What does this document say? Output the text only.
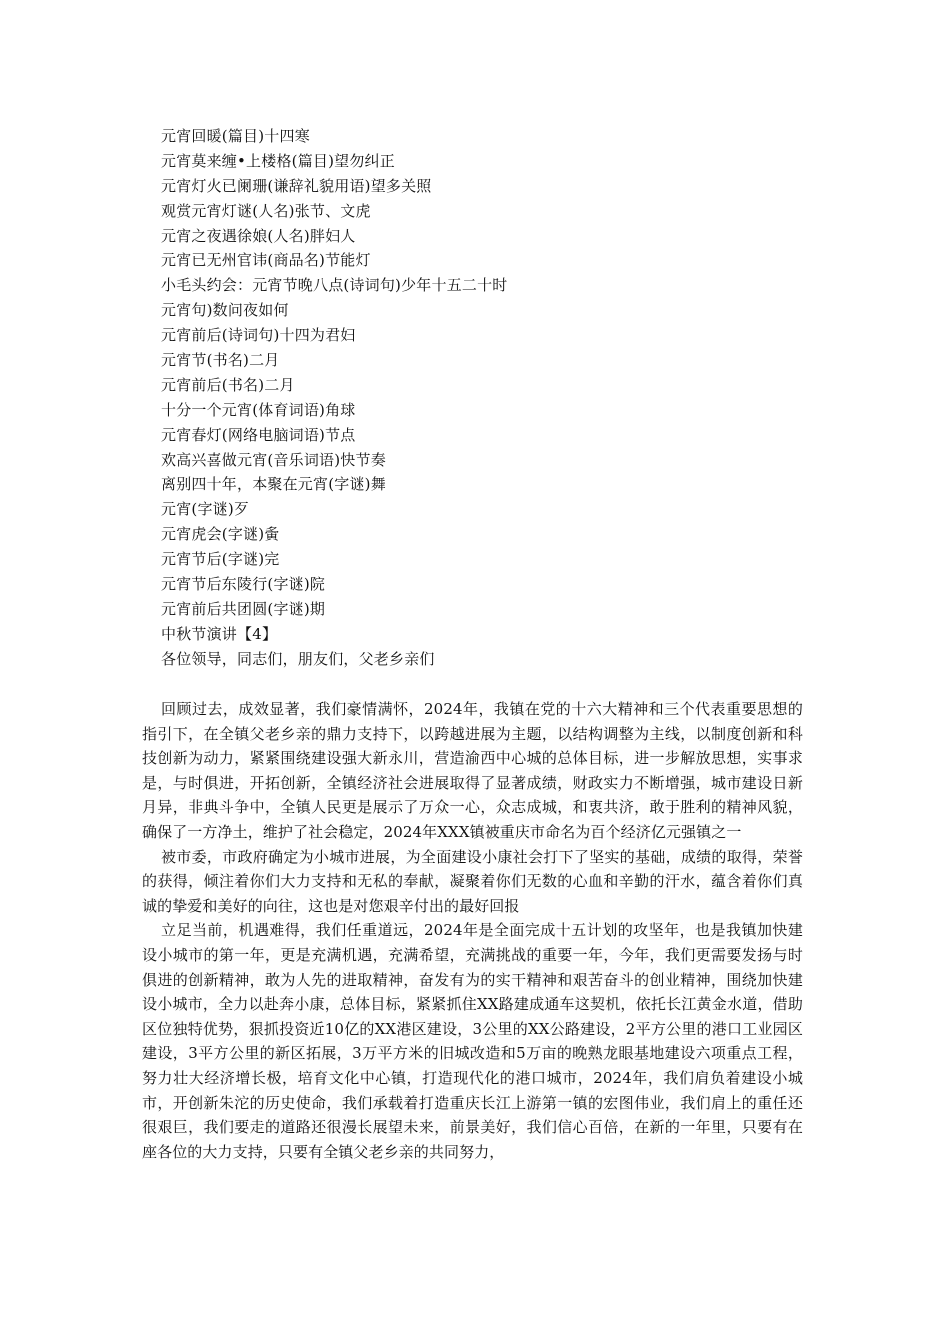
元宵回暖(篇目)十四寒
元宵莫来缠•上楼格(篇目)望勿纠正
元宵灯火已阑珊(谦辞礼貌用语)望多关照
观赏元宵灯谜(人名)张节、文虎
元宵之夜遇徐娘(人名)胖妇人
元宵已无州官讳(商品名)节能灯
小毛头约会：元宵节晚八点(诗词句)少年十五二十时
元宵句)数问夜如何
元宵前后(诗词句)十四为君妇
元宵节(书名)二月
元宵前后(书名)二月
十分一个元宵(体育词语)角球
元宵春灯(网络电脑词语)节点
欢高兴喜做元宵(音乐词语)快节奏
离别四十年，本聚在元宵(字谜)舞
元宵(字谜)歹
元宵虎会(字谜)夤
元宵节后(字谜)完
元宵节后东陵行(字谜)院
元宵前后共团圆(字谜)期
中秋节演讲【4】
各位领导，同志们，朋友们，父老乡亲们

回顾过去，成效显著，我们豪情满怀，2024年，我镇在党的十六大精神和三个代表重要思想的指引下，在全镇父老乡亲的鼎力支持下，以跨越进展为主题，以结构调整为主线，以制度创新和科技创新为动力，紧紧围绕建设强大新永川，营造渝西中心城的总体目标，进一步解放思想，实事求是，与时俱进，开拓创新，全镇经济社会进展取得了显著成绩，财政实力不断增强，城市建设日新月异，非典斗争中，全镇人民更是展示了万众一心，众志成城，和衷共济，敢于胜利的精神风貌，确保了一方净土，维护了社会稳定，2024年XXX镇被重庆市命名为百个经济亿元强镇之一

被市委，市政府确定为小城市进展，为全面建设小康社会打下了坚实的基础，成绩的取得，荣誉的获得，倾注着你们大力支持和无私的奉献，凝聚着你们无数的心血和辛勤的汗水，蕴含着你们真诚的挚爱和美好的向往，这也是对您艰辛付出的最好回报

立足当前，机遇难得，我们任重道远，2024年是全面完成十五计划的攻坚年，也是我镇加快建设小城市的第一年，更是充满机遇，充满希望，充满挑战的重要一年，今年，我们更需要发扬与时俱进的创新精神，敢为人先的进取精神，奋发有为的实干精神和艰苦奋斗的创业精神，围绕加快建设小城市，全力以赴奔小康，总体目标，紧紧抓住XX路建成通车这契机，依托长江黄金水道，借助区位独特优势，狠抓投资近10亿的XX港区建设，3公里的XX公路建设，2平方公里的港口工业园区建设，3平方公里的新区拓展，3万平方米的旧城改造和5万亩的晚熟龙眼基地建设六项重点工程，努力壮大经济增长极，培育文化中心镇，打造现代化的港口城市，2024年，我们肩负着建设小城市，开创新朱沱的历史使命，我们承载着打造重庆长江上游第一镇的宏图伟业，我们肩上的重任还很艰巨，我们要走的道路还很漫长展望未来，前景美好，我们信心百倍，在新的一年里，只要有在座各位的大力支持，只要有全镇父老乡亲的共同努力，
